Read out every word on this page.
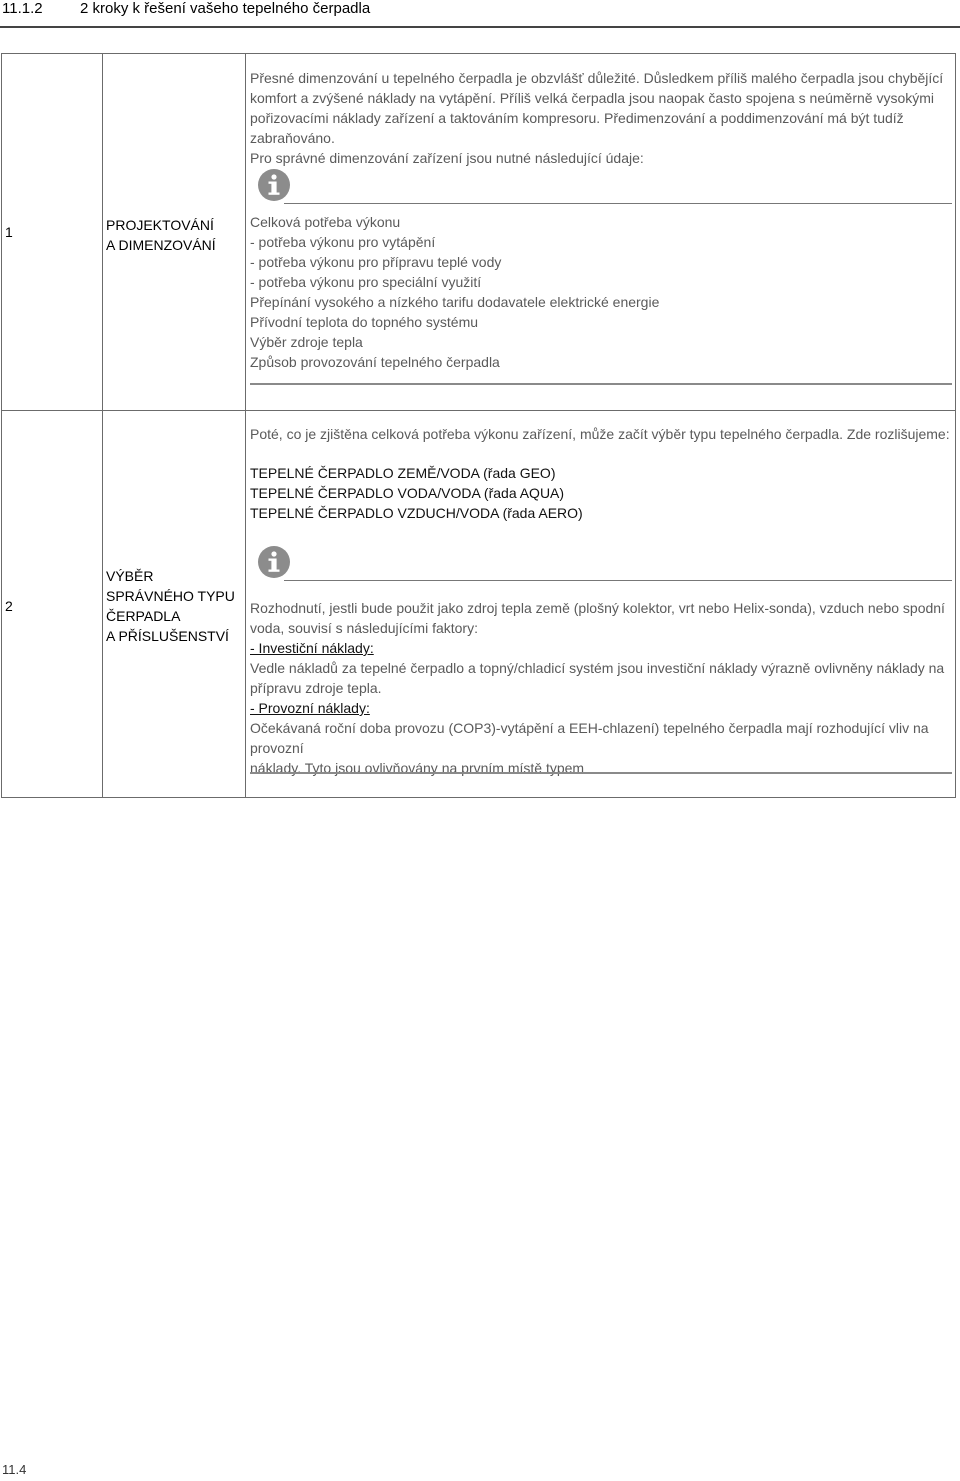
11.1.2 2 kroky k řešení vašeho tepelného čerpadla
1	PROJEKTOVÁNÍ
A DIMENZOVÁNÍ

Přesné dimenzování u tepelného čerpadla je obzvlášť důležité. Důsledkem příliš malého čerpadla jsou chybějící

komfort a zvýšené náklady na vytápění. Příliš velká čerpadla jsou naopak často spojena s neúměrně vysokými

pořizovacími náklady zařízení a taktováním kompresoru. Předimenzování a poddimenzování má být tudíž zabraňováno.

Pro správné dimenzování zařízení jsou nutné následující údaje:

Celková potřeba výkonu

- potřeba výkonu pro vytápění

- potřeba výkonu pro přípravu teplé vody

- potřeba výkonu pro speciální využití

Přepínání vysokého a nízkého tarifu dodavatele elektrické energie

Přívodní teplota do topného systému

Výběr zdroje tepla

Způsob provozování tepelného čerpadla

2
VÝBĚR
SPRÁVNÉHO TYPU
ČERPADLA
A PŘÍSLUŠENSTVÍ

Poté, co je zjištěna celková potřeba výkonu zařízení, může začít výběr typu tepelného čerpadla. Zde rozlišujeme:

TEPELNÉ ČERPADLO ZEMĚ/VODA (řada GEO)

TEPELNÉ ČERPADLO VODA/VODA (řada AQUA)

TEPELNÉ ČERPADLO VZDUCH/VODA (řada AERO)

Rozhodnutí, jestli bude použit jako zdroj tepla země (plošný kolektor, vrt nebo Helix-sonda), vzduch nebo spodní

voda, souvisí s následujícími faktory:

- Investiční náklady:

Vedle nákladů za tepelné čerpadlo a topný/chladicí systém jsou investiční náklady výrazně ovlivněny náklady na

přípravu zdroje tepla.

- Provozní náklady:

Očekávaná roční doba provozu (COP3)-vytápění a EEH-chlazení) tepelného čerpadla mají rozhodující vliv na provozní

náklady. Tyto jsou ovlivňovány na prvním místě typem

11.4
